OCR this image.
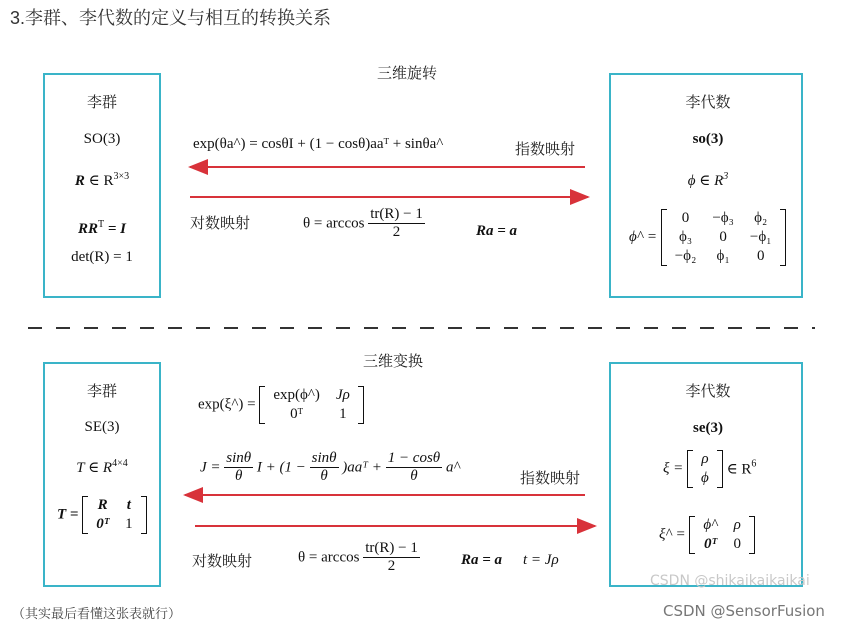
3.李群、李代数的定义与相互的转换关系
三维旋转
李群
SO(3)
R ∈ $R^{3\times 3}$
$RR^T = I$
det(R) = 1
李代数
so(3)
ϕ ∈ $R^3$
ϕ^ =
0	−ϕ₃	ϕ₂
ϕ₃	0	−ϕ₁
−ϕ₂	ϕ₁	0
exp(θa^) = cosθI + (1 − cosθ)aaᵀ + sinθa^	指数映射
对数映射	$\theta = \arccos \frac{tr(R) - 1}{2}$	Ra = a
三维变换
李群
SE(3)
T ∈ $R^{4\times 4}$
T =
R	t
0ᵀ	1
李代数
se(3)
ξ =
ρ
ϕ
∈ $R^6$
ξ^ =
ϕ^	ρ
0ᵀ	0
exp(ξ^) =
exp(ϕ^)	Jρ
0ᵀ	1
$J = \frac{\sin\theta}{\theta}$ $I + (1 - \frac{\sin\theta}{\theta}$ )aaᵀ + $\frac{1 - \cos\theta}{\theta}$ a^
指数映射
对数映射	$\theta = \arccos \frac{tr(R) - 1}{2}$	Ra = a t = Jρ
CSDN @shikaikaikaikai
（其实最后看懂这张表就行）	CSDN @SensorFusion
